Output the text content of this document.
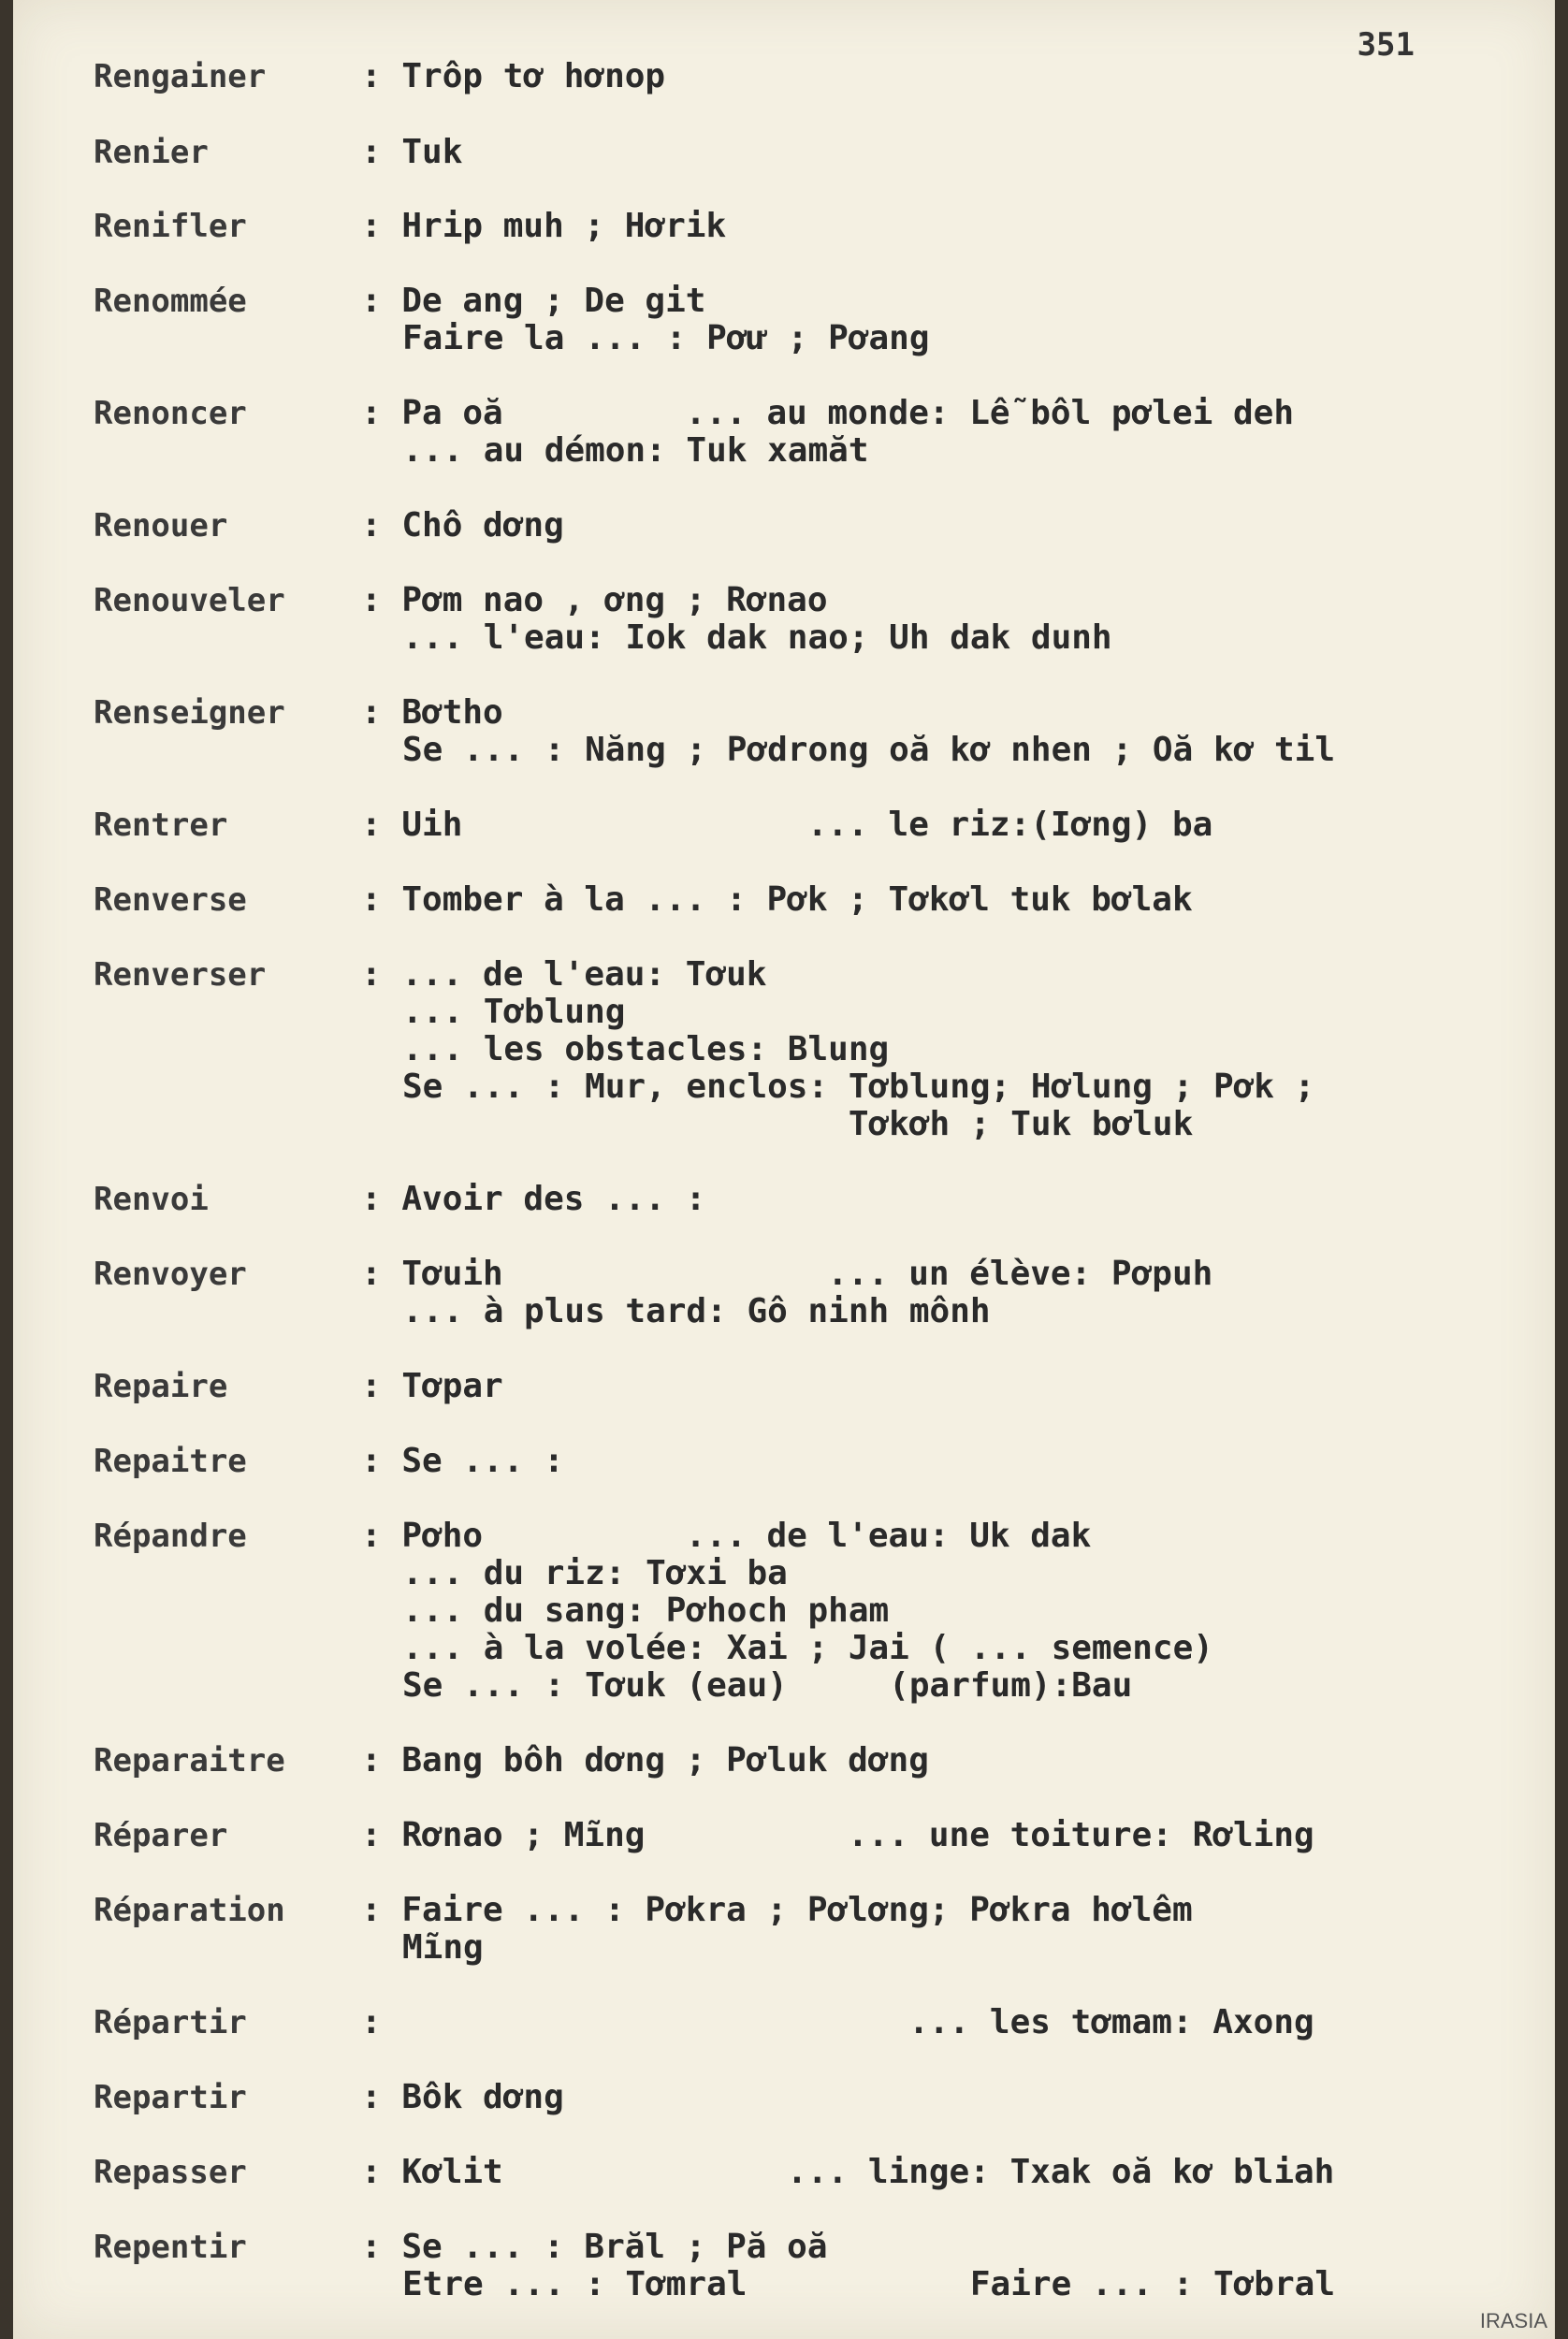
351
Rengainer	: Trôp tơ hơnop
Renier	: Tuk
Renifler	: Hrip muh ; Hơrik
Renommée	: De ang ; De git
Faire la ... : Pơư ; Pơang
Renoncer	: Pa oă         ... au monde: Lễ bôl pơlei deh
... au démon: Tuk xamăt
Renouer	: Chô dơng
Renouveler : Pơm nao , ơng ; Rơnao
... l'eau: Iok dak nao; Uh dak dunh
Renseigner : Bơtho
Se ... : Năng ; Pơdrong oă kơ nhen ; Oă kơ til
Rentrer	: Uih                 ... le riz:(Iơng) ba
Renverse	: Tomber à la ... : Pơk ; Tơkơl tuk bơlak
Renverser	: ... de l'eau: Tơuk
... Tơblung
... les obstacles: Blung
Se ... : Mur, enclos: Tơblung; Hơlung ; Pơk ;
Tơkơh ; Tuk bơluk
Renvoi	: Avoir des ... :
Renvoyer	: Tơuih                ... un élève: Pơpuh
... à plus tard: Gô ninh mônh
Repaire	: Tơpar
Repaitre	: Se ... :
Répandre	: Pơho          ... de l'eau: Uk dak
... du riz: Tơxi ba
... du sang: Pơhoch pham
... à la volée: Xai ; Jai ( ... semence)
Se ... : Tơuk (eau)     (parfum):Bau
Reparaitre : Bang bôh dơng ; Pơluk dơng
Réparer	: Rơnao ; Mĩng          ... une toiture: Rơling
Réparation : Faire ... : Pơkra ; Pơlơng; Pơkra hơlêm
Mĩng
Répartir	:                          ... les tơmam: Axong
Repartir	: Bôk dơng
Repasser	: Kơlit              ... linge: Txak oă kơ bliah
Repentir	: Se ... : Brăl ; Pă oă
Etre ... : Tơmral           Faire ... : Tơbral
IRASIA
